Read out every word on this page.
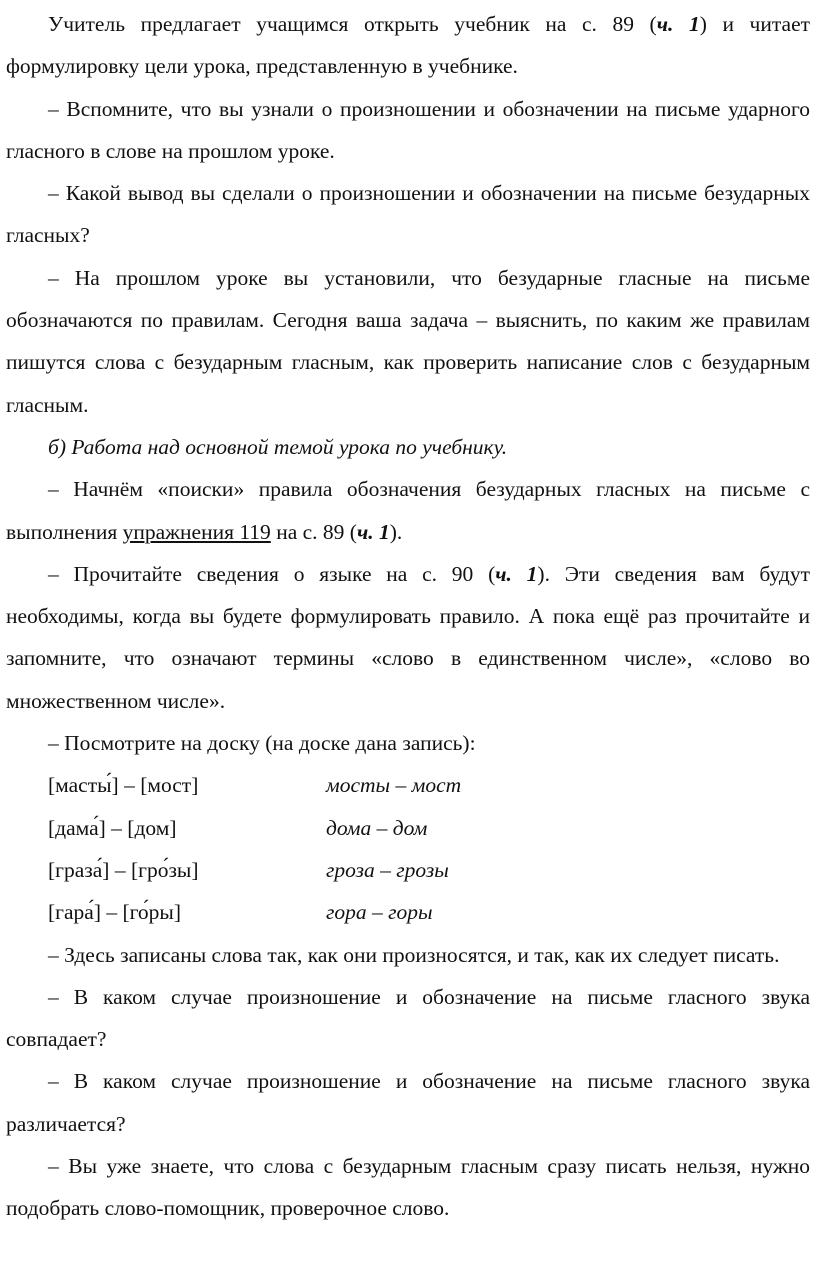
Учитель предлагает учащимся открыть учебник на с. 89 (ч. 1) и читает формулировку цели урока, представленную в учебнике.

– Вспомните, что вы узнали о произношении и обозначении на письме ударного гласного в слове на прошлом уроке.

– Какой вывод вы сделали о произношении и обозначении на письме безударных гласных?

– На прошлом уроке вы установили, что безударные гласные на письме обозначаются по правилам. Сегодня ваша задача – выяснить, по каким же правилам пишутся слова с безударным гласным, как проверить написание слов с безударным гласным.

б) Работа над основной темой урока по учебнику.

– Начнём «поиски» правила обозначения безударных гласных на письме с выполнения упражнения 119 на с. 89 (ч. 1).

– Прочитайте сведения о языке на с. 90 (ч. 1). Эти сведения вам будут необходимы, когда вы будете формулировать правило. А пока ещё раз прочитайте и запомните, что означают термины «слово в единственном числе», «слово во множественном числе».

– Посмотрите на доску (на доске дана запись):

[масты́] – [мост]	мосты – мост
[дама́] – [дом]	дома – дом
[граза́] – [гро́зы]	гроза – грозы
[гара́] – [го́ры]	гора – горы

– Здесь записаны слова так, как они произносятся, и так, как их следует писать.

– В каком случае произношение и обозначение на письме гласного звука совпадает?

– В каком случае произношение и обозначение на письме гласного звука различается?

– Вы уже знаете, что слова с безударным гласным сразу писать нельзя, нужно подобрать слово-помощник, проверочное слово.
